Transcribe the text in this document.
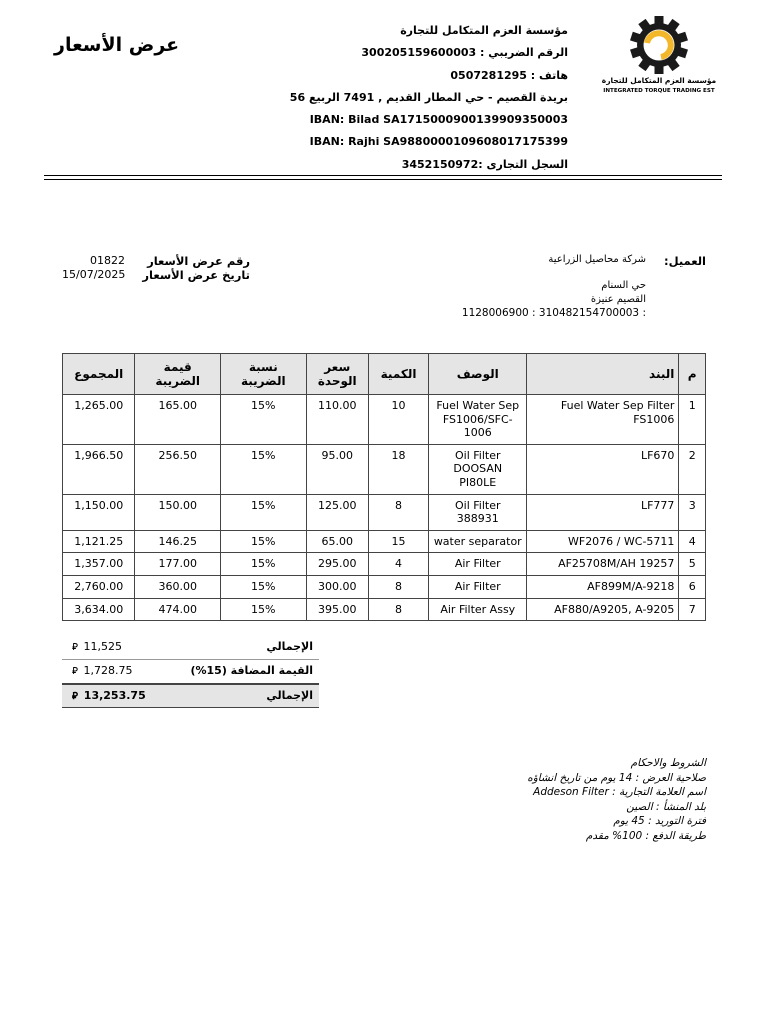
عرض الأسعار
مؤسسة العزم المتكامل للتجارة
الرقم الضريبي : 300205159600003
هاتف : 0507281295
بريدة القصيم - حي المطار القديم , 7491 الربيع 56
IBAN: Bilad SA1715000900139909350003
IBAN: Rajhi SA9880000109608017175399
السجل التجارى :3452150972
مؤسسة العزم المتكامل للتجارة
INTEGRATED TORQUE TRADING EST
العميل:
شركة محاصيل الزراعية
حي السنام
القصيم عنيزة
1128006900 : 310482154700003 :
رقم عرض الأسعار
01822
تاريخ عرض الأسعار
15/07/2025
م	البند	الوصف	الكمية	سعر الوحدة	نسبة الضريبة	قيمة الضريبة	المجموع
1	Fuel Water Sep Filter FS1006	Fuel Water Sep FS1006/SFC-1006	10	110.00	15%	165.00	1,265.00
2	LF670	Oil Filter DOOSAN PI80LE	18	95.00	15%	256.50	1,966.50
3	LF777	Oil Filter 388931	8	125.00	15%	150.00	1,150.00
4	WF2076 / WC-5711	water separator	15	65.00	15%	146.25	1,121.25
5	AF25708M/AH 19257	Air Filter	4	295.00	15%	177.00	1,357.00
6	AF899M/A-9218	Air Filter	8	300.00	15%	360.00	2,760.00
7	AF880/A9205, A-9205	Air Filter Assy	8	395.00	15%	474.00	3,634.00
الإجمالي
⃁ 11,525
القيمة المضافة (15%)
⃁ 1,728.75
الإجمالي
⃁ 13,253.75
الشروط والاحكام
صلاحية العرض : 14 يوم من تاريخ انشاؤه
اسم العلامة التجارية : Addeson Filter
بلد المنشأ : الصين
فترة التوريد : 45 يوم
طريقة الدفع : 100% مقدم
